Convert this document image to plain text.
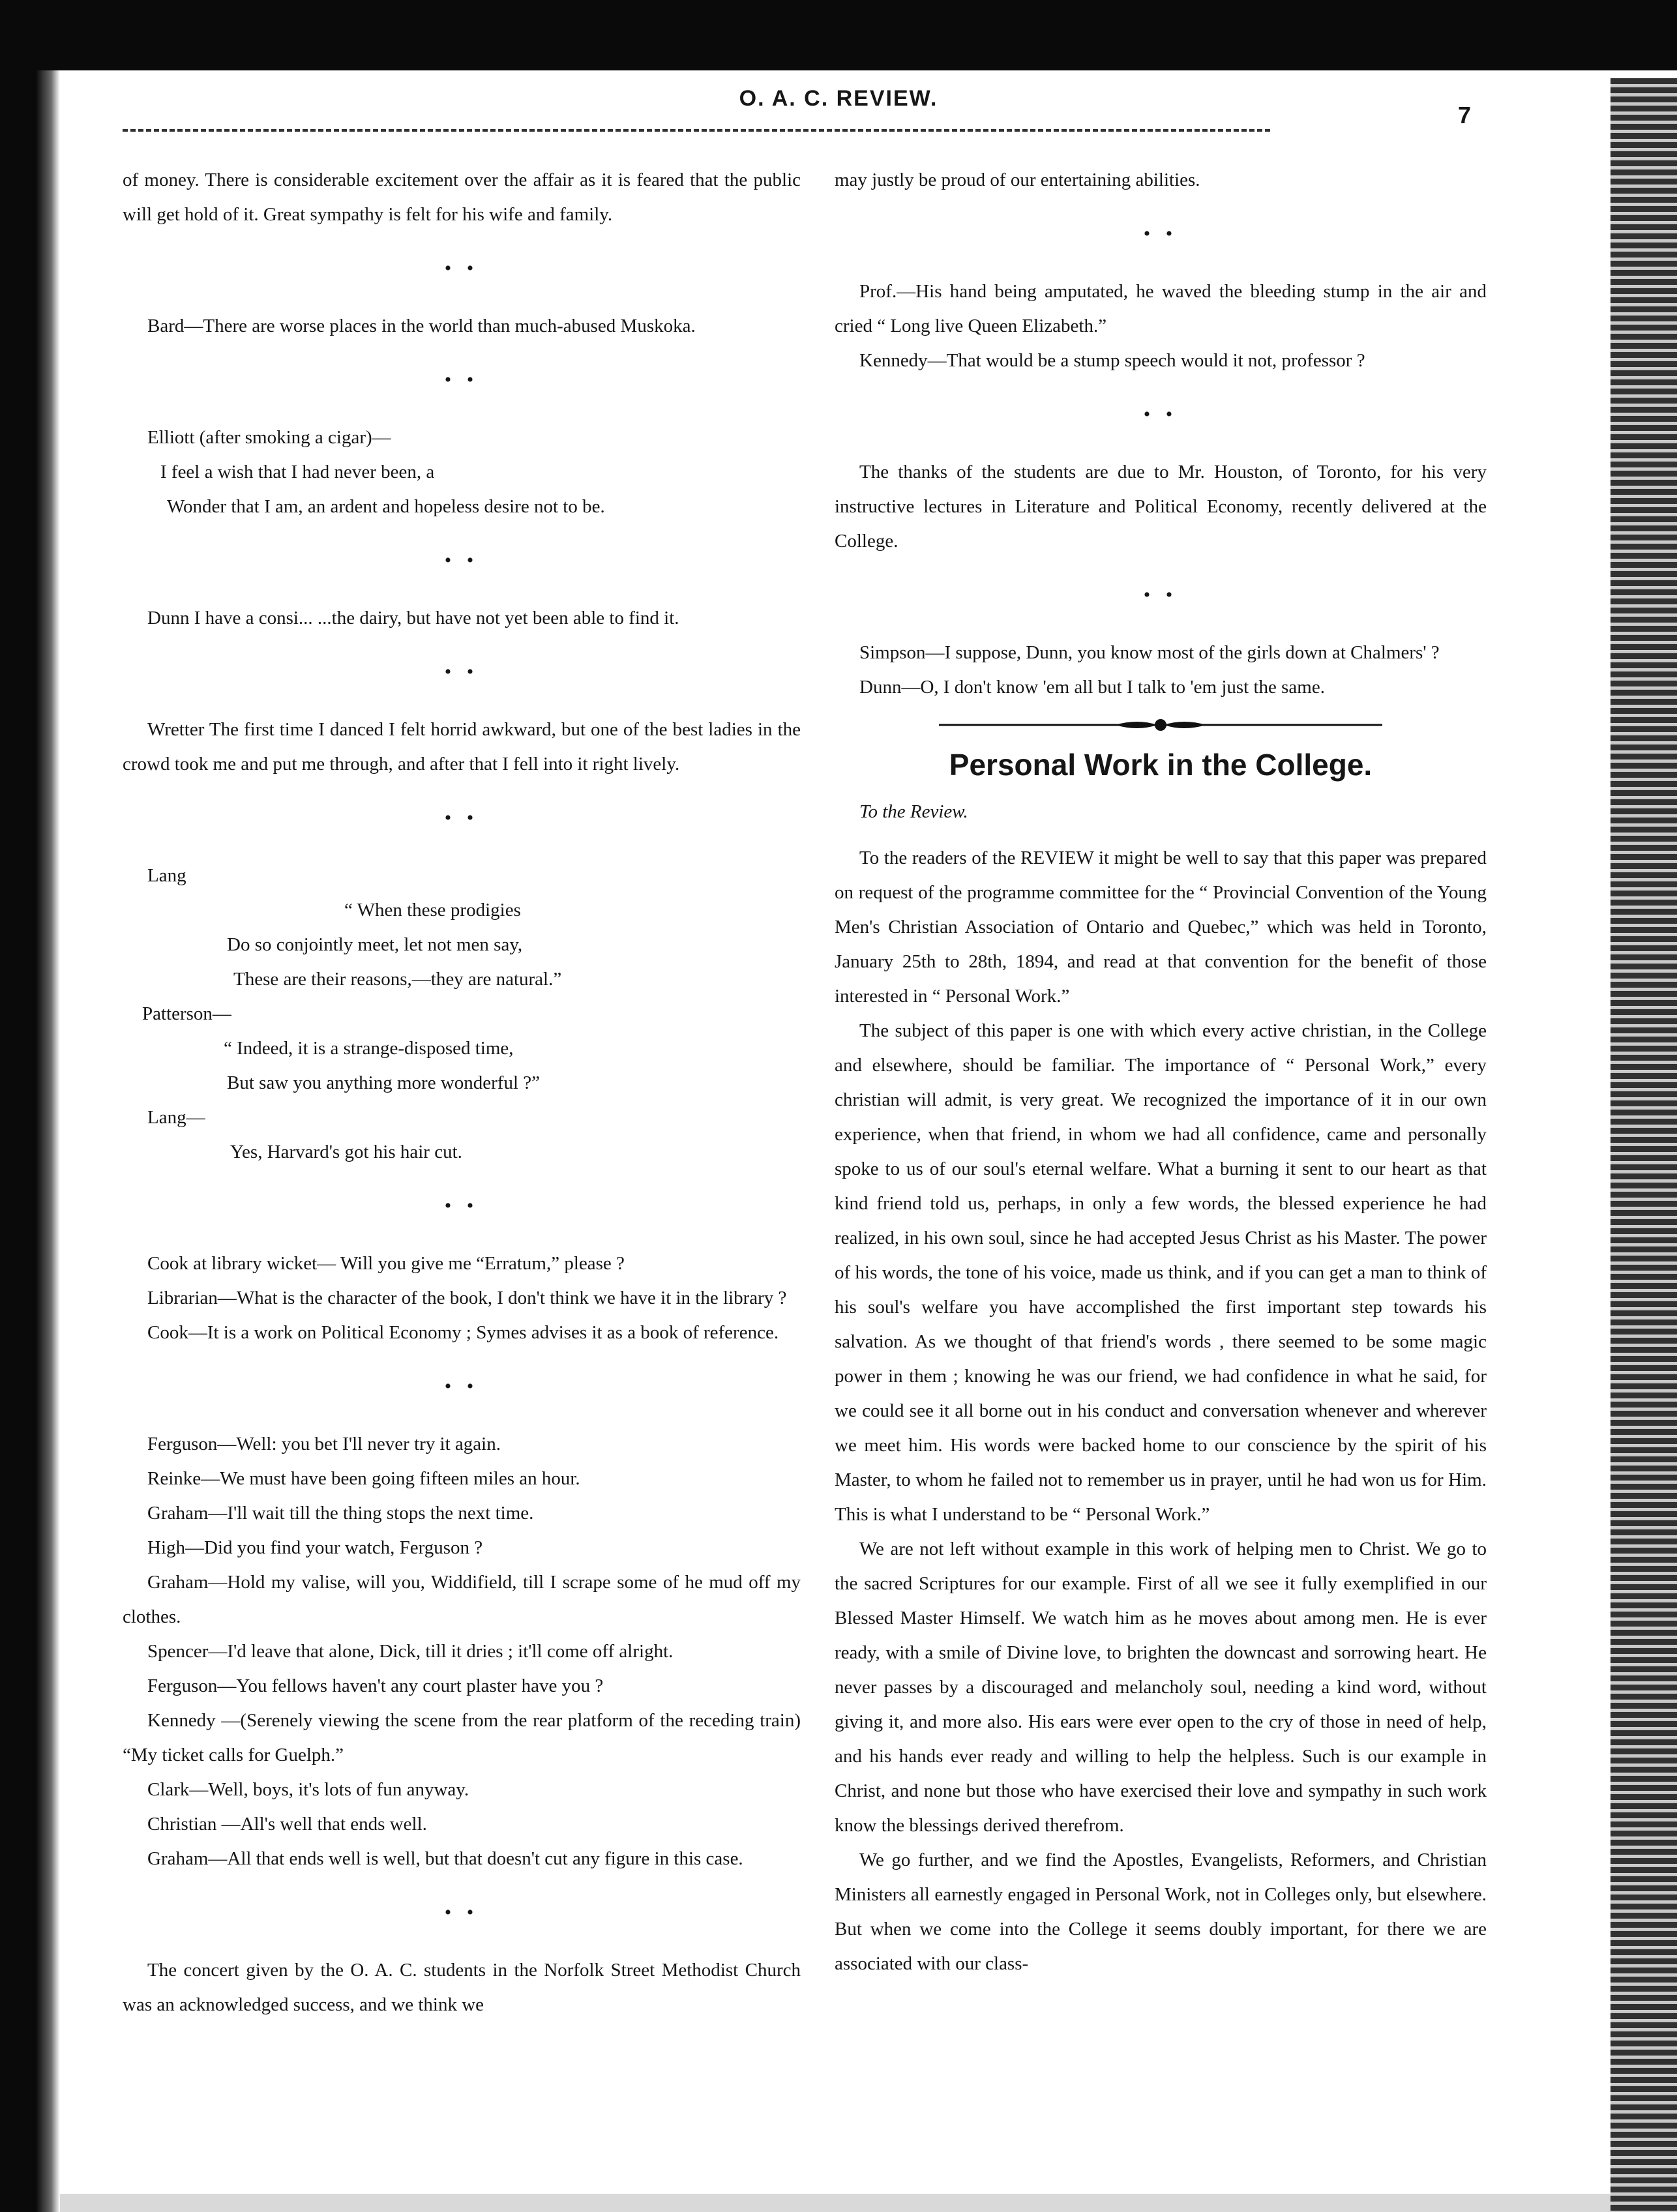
O. A. C. REVIEW.
7

of money. There is considerable excitement over the affair as it is feared that the public will get hold of it. Great sympathy is felt for his wife and family.

• •

Bard—There are worse places in the world than much-abused Muskoka.

• •
Elliott (after smoking a cigar)—
I feel a wish that I had never been, a
Wonder that I am, an ardent and hopeless desire not to be.
• •

Dunn I have a consi... ...the dairy, but have not yet been able to find it.

• •

Wretter The first time I danced I felt horrid awkward, but one of the best ladies in the crowd took me and put me through, and after that I fell into it right lively.

• •
Lang
“ When these prodigies
Do so conjointly meet, let not men say,
These are their reasons,—they are natural.”
Patterson—
“ Indeed, it is a strange-disposed time,
But saw you anything more wonderful ?”
Lang—
Yes, Harvard's got his hair cut.
• •

Cook at library wicket— Will you give me “Erratum,” please ?

Librarian—What is the character of the book, I don't think we have it in the library ?

Cook—It is a work on Political Economy ; Symes advises it as a book of reference.

• •

Ferguson—Well: you bet I'll never try it again.

Reinke—We must have been going fifteen miles an hour.

Graham—I'll wait till the thing stops the next time.

High—Did you find your watch, Ferguson ?

Graham—Hold my valise, will you, Widdifield, till I scrape some of he mud off my clothes.

Spencer—I'd leave that alone, Dick, till it dries ; it'll come off alright.

Ferguson—You fellows haven't any court plaster have you ?

Kennedy —(Serenely viewing the scene from the rear platform of the receding train) “My ticket calls for Guelph.”

Clark—Well, boys, it's lots of fun anyway.

Christian —All's well that ends well.

Graham—All that ends well is well, but that doesn't cut any figure in this case.

• •

The concert given by the O. A. C. students in the Norfolk Street Methodist Church was an acknowledged success, and we think we

may justly be proud of our entertaining abilities.

• •

Prof.—His hand being amputated, he waved the bleeding stump in the air and cried “ Long live Queen Elizabeth.”

Kennedy—That would be a stump speech would it not, professor ?

• •

The thanks of the students are due to Mr. Houston, of Toronto, for his very instructive lectures in Literature and Political Economy, recently delivered at the College.

• •

Simpson—I suppose, Dunn, you know most of the girls down at Chalmers' ?

Dunn—O, I don't know 'em all but I talk to 'em just the same.

Personal Work in the College.

To the Review.

To the readers of the REVIEW it might be well to say that this paper was prepared on request of the programme committee for the “ Provincial Convention of the Young Men's Christian Association of Ontario and Quebec,” which was held in Toronto, January 25th to 28th, 1894, and read at that convention for the benefit of those interested in “ Personal Work.”

The subject of this paper is one with which every active christian, in the College and elsewhere, should be familiar. The importance of “ Personal Work,” every christian will admit, is very great. We recognized the importance of it in our own experience, when that friend, in whom we had all confidence, came and personally spoke to us of our soul's eternal welfare. What a burning it sent to our heart as that kind friend told us, perhaps, in only a few words, the blessed experience he had realized, in his own soul, since he had accepted Jesus Christ as his Master. The power of his words, the tone of his voice, made us think, and if you can get a man to think of his soul's welfare you have accomplished the first important step towards his salvation. As we thought of that friend's words , there seemed to be some magic power in them ; knowing he was our friend, we had confidence in what he said, for we could see it all borne out in his conduct and conversation whenever and wherever we meet him. His words were backed home to our conscience by the spirit of his Master, to whom he failed not to remember us in prayer, until he had won us for Him. This is what I understand to be “ Personal Work.”

We are not left without example in this work of helping men to Christ. We go to the sacred Scriptures for our example. First of all we see it fully exemplified in our Blessed Master Himself. We watch him as he moves about among men. He is ever ready, with a smile of Divine love, to brighten the downcast and sorrowing heart. He never passes by a discouraged and melancholy soul, needing a kind word, without giving it, and more also. His ears were ever open to the cry of those in need of help, and his hands ever ready and willing to help the helpless. Such is our example in Christ, and none but those who have exercised their love and sympathy in such work know the blessings derived therefrom.

We go further, and we find the Apostles, Evangelists, Reformers, and Christian Ministers all earnestly engaged in Personal Work, not in Colleges only, but elsewhere. But when we come into the College it seems doubly important, for there we are associated with our class-
